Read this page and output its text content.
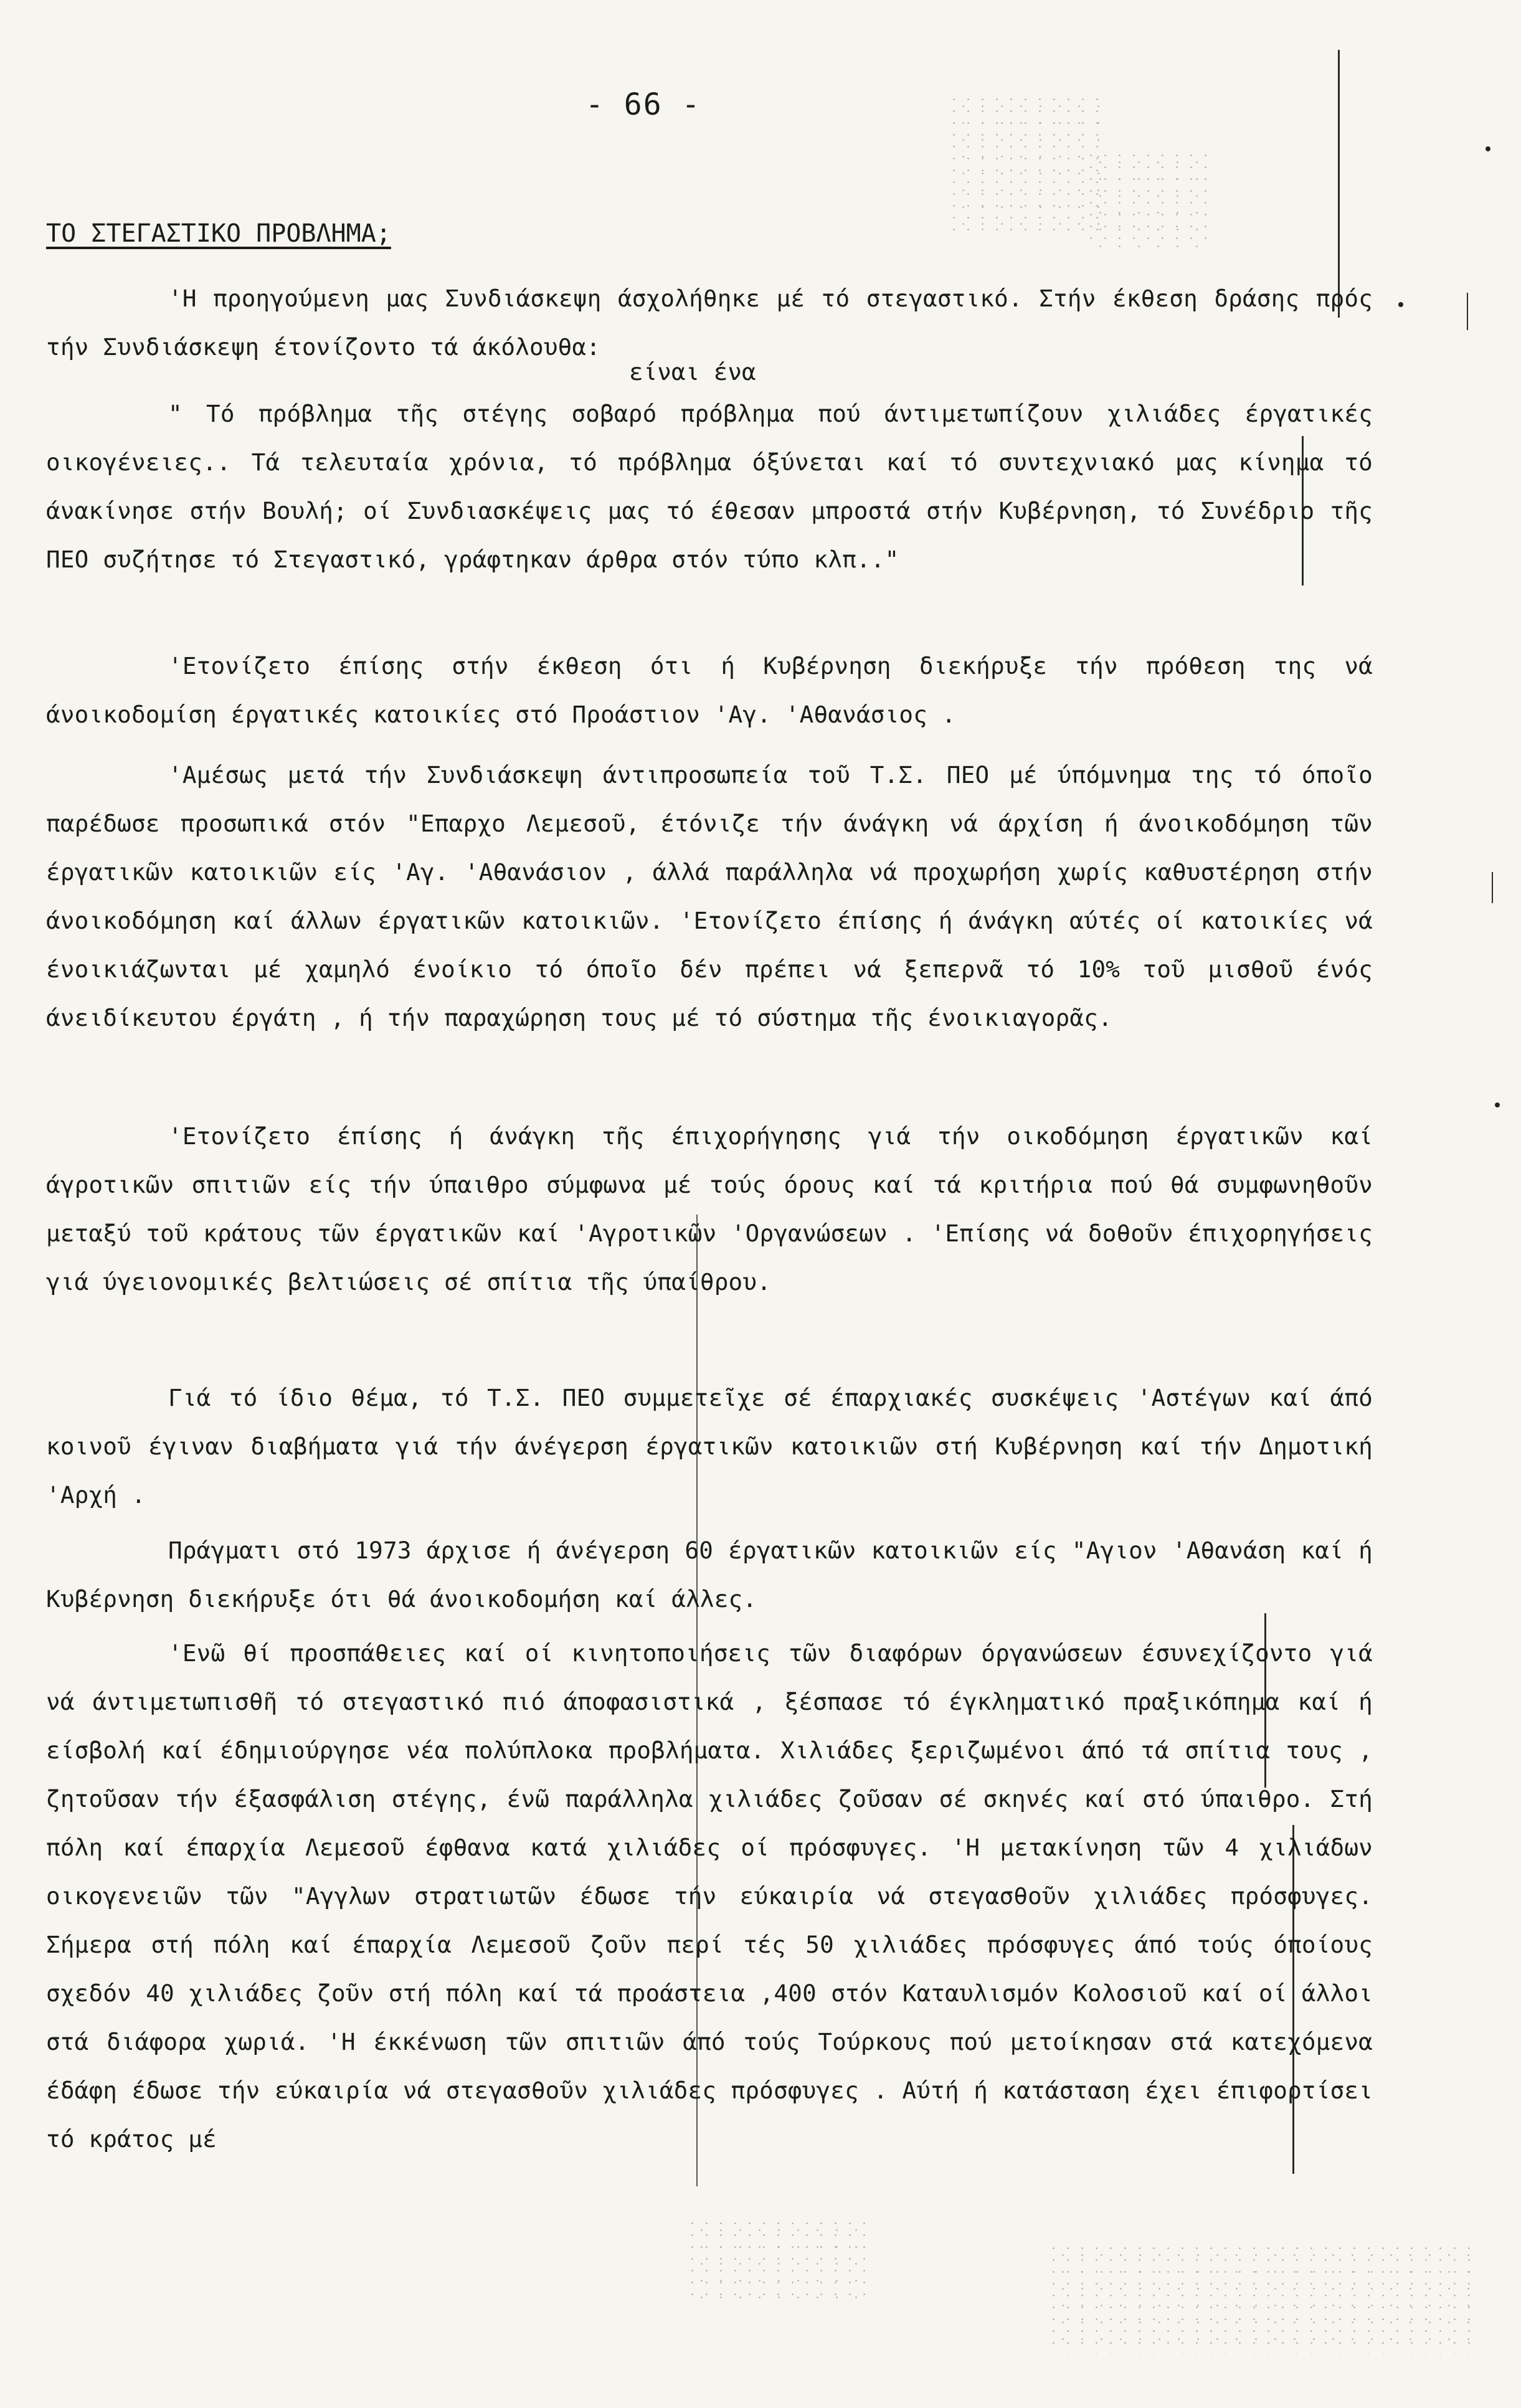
- 66 -
ΤΟ ΣΤΕΓΑΣΤΙΚΟ ΠΡΟΒΛΗΜΑ;
είναι ένα

'Η προηγούμενη μας Συνδιάσκεψη άσχολήθηκε μέ τό στεγαστικό. Στήν έκθεση δράσης πρός τήν Συνδιάσκεψη έτονίζοντο τά άκόλουθα:

" Τό πρόβλημα τῆς στέγης σοβαρό πρόβλημα πού άντιμετωπίζουν χιλιάδες έργατικές οικογένειες.. Τά τελευταία χρόνια, τό πρόβλημα όξύνεται καί τό συντεχνιακό μας κίνημα τό άνακίνησε στήν Βουλή; οί Συνδιασκέψεις μας τό έθεσαν μπροστά στήν Κυβέρνηση, τό Συνέδριο τῆς ΠΕΟ συζήτησε τό Στεγαστικό, γράφτηκαν άρθρα στόν τύπο κλπ.."

'Ετονίζετο έπίσης στήν έκθεση ότι ή Κυβέρνηση διεκήρυξε τήν πρόθεση της νά άνοικοδομίση έργατικές κατοικίες στό Προάστιον 'Αγ. 'Αθανάσιος .

'Αμέσως μετά τήν Συνδιάσκεψη άντιπροσωπεία τοῦ Τ.Σ. ΠΕΟ μέ ύπόμνημα της τό όποῖο παρέδωσε προσωπικά στόν "Επαρχο Λεμεσοῦ, έτόνιζε τήν άνάγκη νά άρχίση ή άνοικοδόμηση τῶν έργατικῶν κατοικιῶν είς 'Αγ. 'Αθανάσιον , άλλά παράλληλα νά προχωρήση χωρίς καθυστέρηση στήν άνοικοδόμηση καί άλλων έργατικῶν κατοικιῶν. 'Ετονίζετο έπίσης ή άνάγκη αύτές οί κατοικίες νά ένοικιάζωνται μέ χαμηλό ένοίκιο τό όποῖο δέν πρέπει νά ξεπερνᾶ τό 10% τοῦ μισθοῦ ένός άνειδίκευτου έργάτη , ή τήν παραχώρηση τους μέ τό σύστημα τῆς ένοικιαγορᾶς.

'Ετονίζετο έπίσης ή άνάγκη τῆς έπιχορήγησης γιά τήν οικοδόμηση έργατικῶν καί άγροτικῶν σπιτιῶν είς τήν ύπαιθρο σύμφωνα μέ τούς όρους καί τά κριτήρια πού θά συμφωνηθοῦν μεταξύ τοῦ κράτους τῶν έργατικῶν καί 'Αγροτικῶν 'Οργανώσεων . 'Επίσης νά δοθοῦν έπιχορηγήσεις γιά ύγειονομικές βελτιώσεις σέ σπίτια τῆς ύπαίθρου.

Γιά τό ίδιο θέμα, τό Τ.Σ. ΠΕΟ συμμετεῖχε σέ έπαρχιακές συσκέψεις 'Αστέγων καί άπό κοινοῦ έγιναν διαβήματα γιά τήν άνέγερση έργατικῶν κατοικιῶν στή Κυβέρνηση καί τήν Δημοτική 'Αρχή .

Πράγματι στό 1973 άρχισε ή άνέγερση 60 έργατικῶν κατοικιῶν είς "Αγιον 'Αθανάση καί ή Κυβέρνηση διεκήρυξε ότι θά άνοικοδομήση καί άλλες.

'Ενῶ θί προσπάθειες καί οί κινητοποιήσεις τῶν διαφόρων όργανώσεων έσυνεχίζοντο γιά νά άντιμετωπισθῆ τό στεγαστικό πιό άποφασιστικά , ξέσπασε τό έγκληματικό πραξικόπημα καί ή είσβολή καί έδημιούργησε νέα πολύπλοκα προβλήματα. Χιλιάδες ξεριζωμένοι άπό τά σπίτια τους , ζητοῦσαν τήν έξασφάλιση στέγης, ένῶ παράλληλα χιλιάδες ζοῦσαν σέ σκηνές καί στό ύπαιθρο. Στή πόλη καί έπαρχία Λεμεσοῦ έφθανα κατά χιλιάδες οί πρόσφυγες. 'Η μετακίνηση τῶν 4 χιλιάδων οικογενειῶν τῶν "Αγγλων στρατιωτῶν έδωσε τήν εύκαιρία νά στεγασθοῦν χιλιάδες πρόσφυγες. Σήμερα στή πόλη καί έπαρχία Λεμεσοῦ ζοῦν περί τές 50 χιλιάδες πρόσφυγες άπό τούς όποίους σχεδόν 40 χιλιάδες ζοῦν στή πόλη καί τά προάστεια ,400 στόν Καταυλισμόν Κολοσιοῦ καί οί άλλοι στά διάφορα χωριά. 'Η έκκένωση τῶν σπιτιῶν άπό τούς Τούρκους πού μετοίκησαν στά κατεχόμενα έδάφη έδωσε τήν εύκαιρία νά στεγασθοῦν χιλιάδες πρόσφυγες . Αύτή ή κατάσταση έχει έπιφορτίσει τό κράτος μέ
